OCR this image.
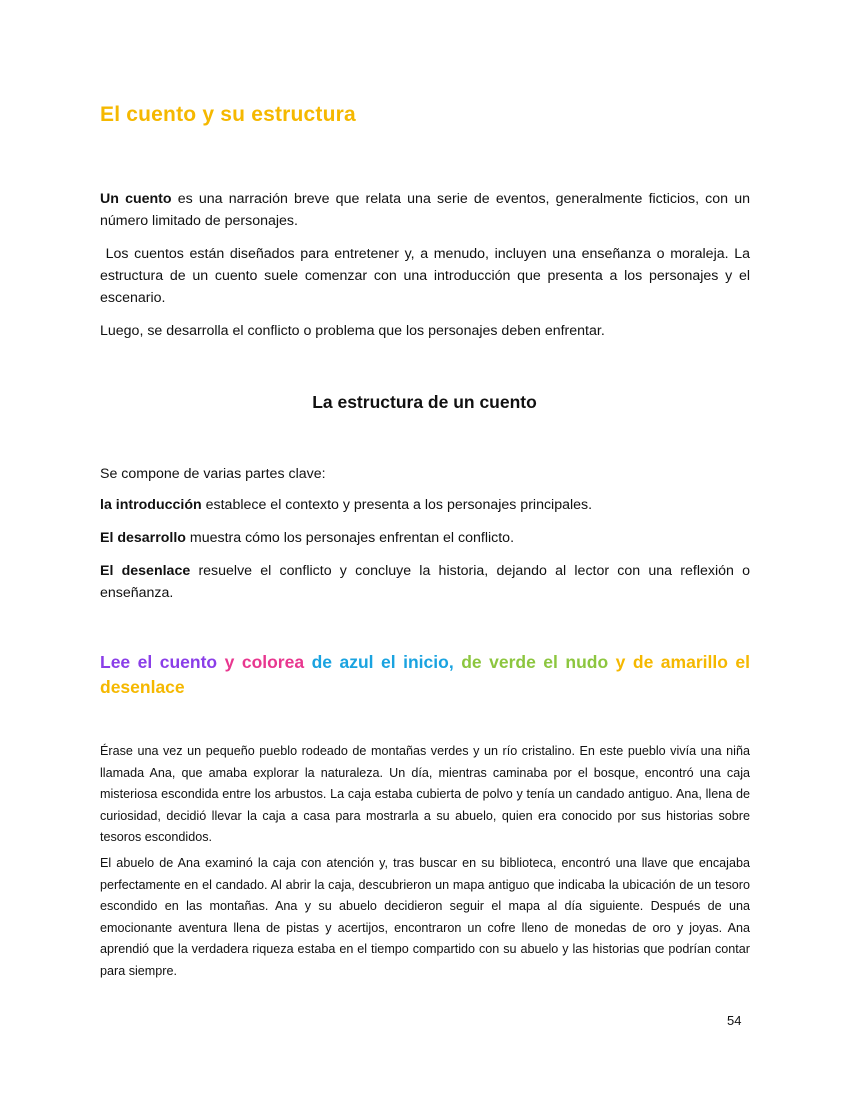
El cuento y su estructura

Un cuento es una narración breve que relata una serie de eventos, generalmente ficticios, con un número limitado de personajes.

Los cuentos están diseñados para entretener y, a menudo, incluyen una enseñanza o moraleja. La estructura de un cuento suele comenzar con una introducción que presenta a los personajes y el escenario.

Luego, se desarrolla el conflicto o problema que los personajes deben enfrentar.

La estructura de un cuento

Se compone de varias partes clave:

la introducción establece el contexto y presenta a los personajes principales.

El desarrollo muestra cómo los personajes enfrentan el conflicto.

El desenlace resuelve el conflicto y concluye la historia, dejando al lector con una reflexión o enseñanza.

Lee el cuento y colorea de azul el inicio, de verde el nudo y de amarillo el desenlace

Érase una vez un pequeño pueblo rodeado de montañas verdes y un río cristalino. En este pueblo vivía una niña llamada Ana, que amaba explorar la naturaleza. Un día, mientras caminaba por el bosque, encontró una caja misteriosa escondida entre los arbustos. La caja estaba cubierta de polvo y tenía un candado antiguo. Ana, llena de curiosidad, decidió llevar la caja a casa para mostrarla a su abuelo, quien era conocido por sus historias sobre tesoros escondidos.

El abuelo de Ana examinó la caja con atención y, tras buscar en su biblioteca, encontró una llave que encajaba perfectamente en el candado. Al abrir la caja, descubrieron un mapa antiguo que indicaba la ubicación de un tesoro escondido en las montañas. Ana y su abuelo decidieron seguir el mapa al día siguiente. Después de una emocionante aventura llena de pistas y acertijos, encontraron un cofre lleno de monedas de oro y joyas. Ana aprendió que la verdadera riqueza estaba en el tiempo compartido con su abuelo y las historias que podrían contar para siempre.

54
